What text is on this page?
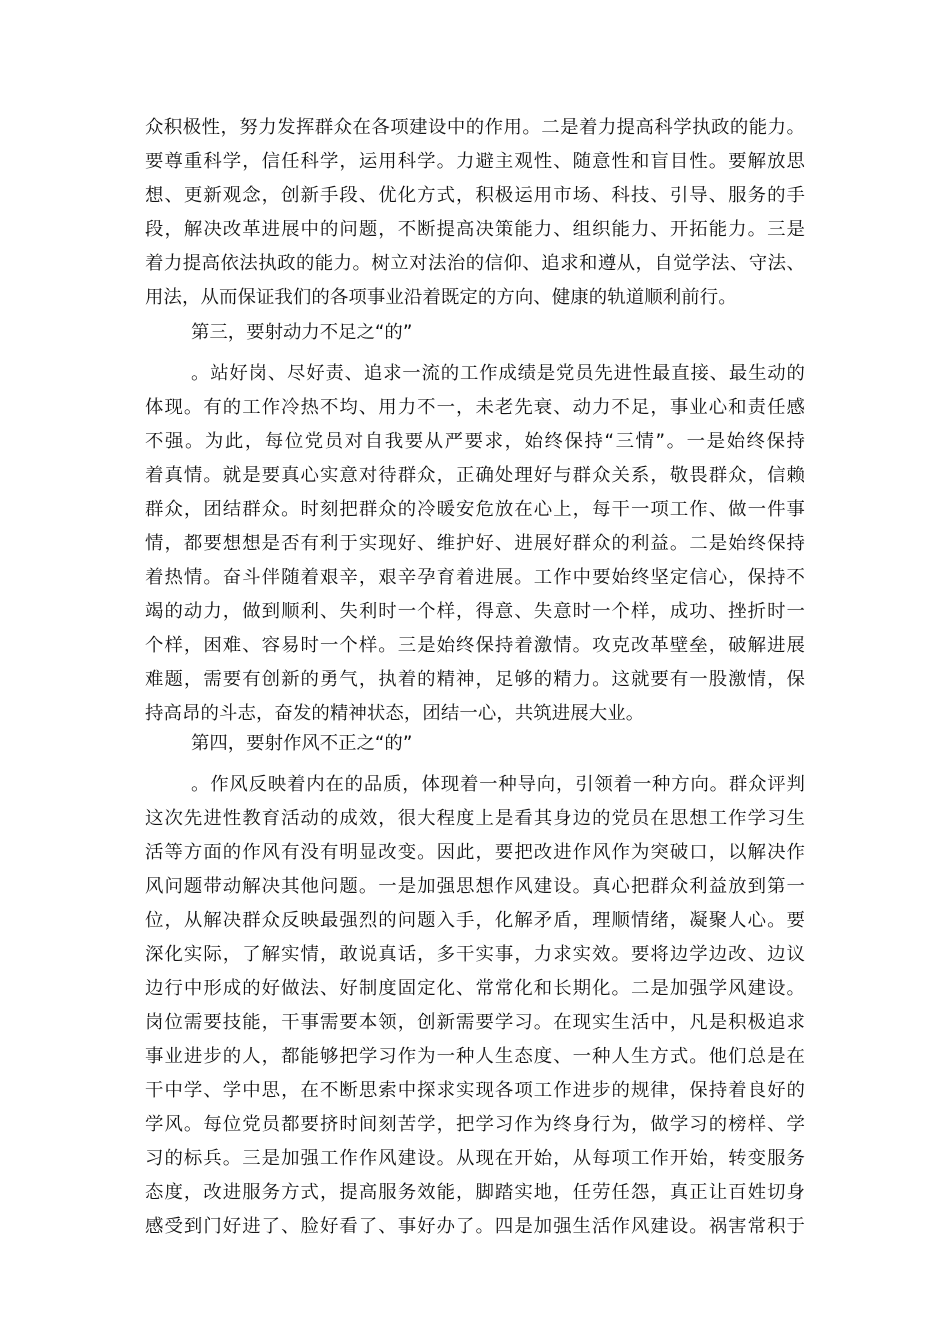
众积极性，努力发挥群众在各项建设中的作用。二是着力提高科学执政的能力。
要尊重科学，信任科学，运用科学。力避主观性、随意性和盲目性。要解放思
想、更新观念，创新手段、优化方式，积极运用市场、科技、引导、服务的手
段，解决改革进展中的问题，不断提高决策能力、组织能力、开拓能力。三是
着力提高依法执政的能力。树立对法治的信仰、追求和遵从，自觉学法、守法、
用法，从而保证我们的各项事业沿着既定的方向、健康的轨道顺利前行。
第三，要射动力不足之“的”
。站好岗、尽好责、追求一流的工作成绩是党员先进性最直接、最生动的
体现。有的工作冷热不均、用力不一，未老先衰、动力不足，事业心和责任感
不强。为此，每位党员对自我要从严要求，始终保持“三情”。一是始终保持
着真情。就是要真心实意对待群众，正确处理好与群众关系，敬畏群众，信赖
群众，团结群众。时刻把群众的冷暖安危放在心上，每干一项工作、做一件事
情，都要想想是否有利于实现好、维护好、进展好群众的利益。二是始终保持
着热情。奋斗伴随着艰辛，艰辛孕育着进展。工作中要始终坚定信心，保持不
竭的动力，做到顺利、失利时一个样，得意、失意时一个样，成功、挫折时一
个样，困难、容易时一个样。三是始终保持着激情。攻克改革壁垒，破解进展
难题，需要有创新的勇气，执着的精神，足够的精力。这就要有一股激情，保
持高昂的斗志，奋发的精神状态，团结一心，共筑进展大业。
第四，要射作风不正之“的”
。作风反映着内在的品质，体现着一种导向，引领着一种方向。群众评判
这次先进性教育活动的成效，很大程度上是看其身边的党员在思想工作学习生
活等方面的作风有没有明显改变。因此，要把改进作风作为突破口，以解决作
风问题带动解决其他问题。一是加强思想作风建设。真心把群众利益放到第一
位，从解决群众反映最强烈的问题入手，化解矛盾，理顺情绪，凝聚人心。要
深化实际，了解实情，敢说真话，多干实事，力求实效。要将边学边改、边议
边行中形成的好做法、好制度固定化、常常化和长期化。二是加强学风建设。
岗位需要技能，干事需要本领，创新需要学习。在现实生活中，凡是积极追求
事业进步的人，都能够把学习作为一种人生态度、一种人生方式。他们总是在
干中学、学中思，在不断思索中探求实现各项工作进步的规律，保持着良好的
学风。每位党员都要挤时间刻苦学，把学习作为终身行为，做学习的榜样、学
习的标兵。三是加强工作作风建设。从现在开始，从每项工作开始，转变服务
态度，改进服务方式，提高服务效能，脚踏实地，任劳任怨，真正让百姓切身
感受到门好进了、脸好看了、事好办了。四是加强生活作风建设。祸害常积于
